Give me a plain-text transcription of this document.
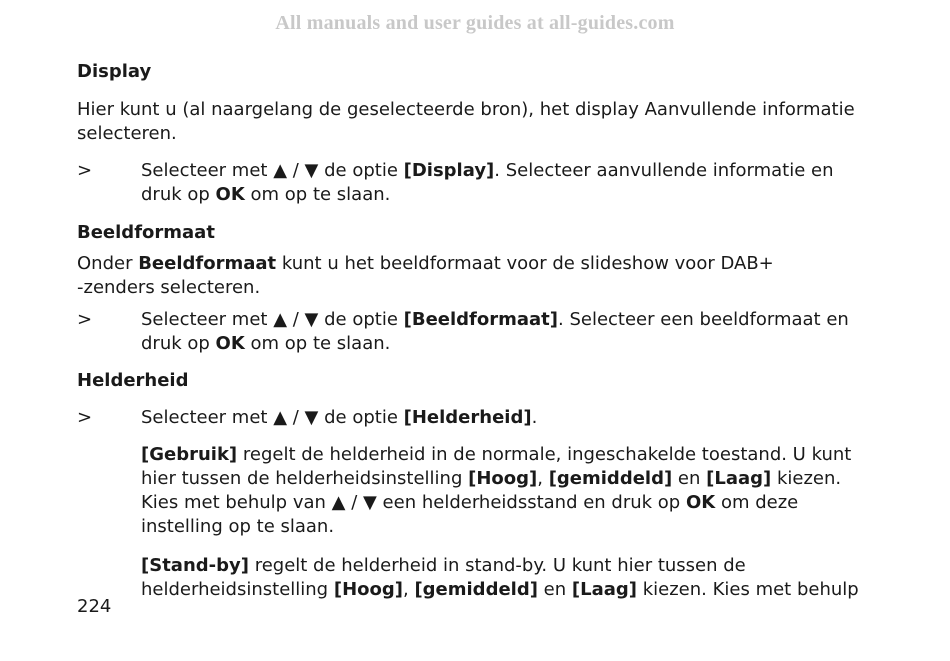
All manuals and user guides at all-guides.com
Display

Hier kunt u (al naargelang de geselecteerde bron), het display Aanvullende informatie selecteren.

>	Selecteer met ▲ / ▼ de optie [Display]. Selecteer aanvullende informatie en druk op OK om op te slaan.
Beeldformaat

Onder Beeldformaat kunt u het beeldformaat voor de slideshow voor DAB+
-zenders selecteren.

>	Selecteer met ▲ / ▼ de optie [Beeldformaat]. Selecteer een beeldformaat en druk op OK om op te slaan.
Helderheid
>	Selecteer met ▲ / ▼ de optie [Helderheid].

[Gebruik] regelt de helderheid in de normale, ingeschakelde toestand. U kunt hier tussen de helderheidsinstelling [Hoog], [gemiddeld] en [Laag] kiezen. Kies met behulp van ▲ / ▼ een helderheidsstand en druk op OK om deze instelling op te slaan.

[Stand-by] regelt de helderheid in stand-by. U kunt hier tussen de helderheidsinstelling [Hoog], [gemiddeld] en [Laag] kiezen. Kies met behulp

224
